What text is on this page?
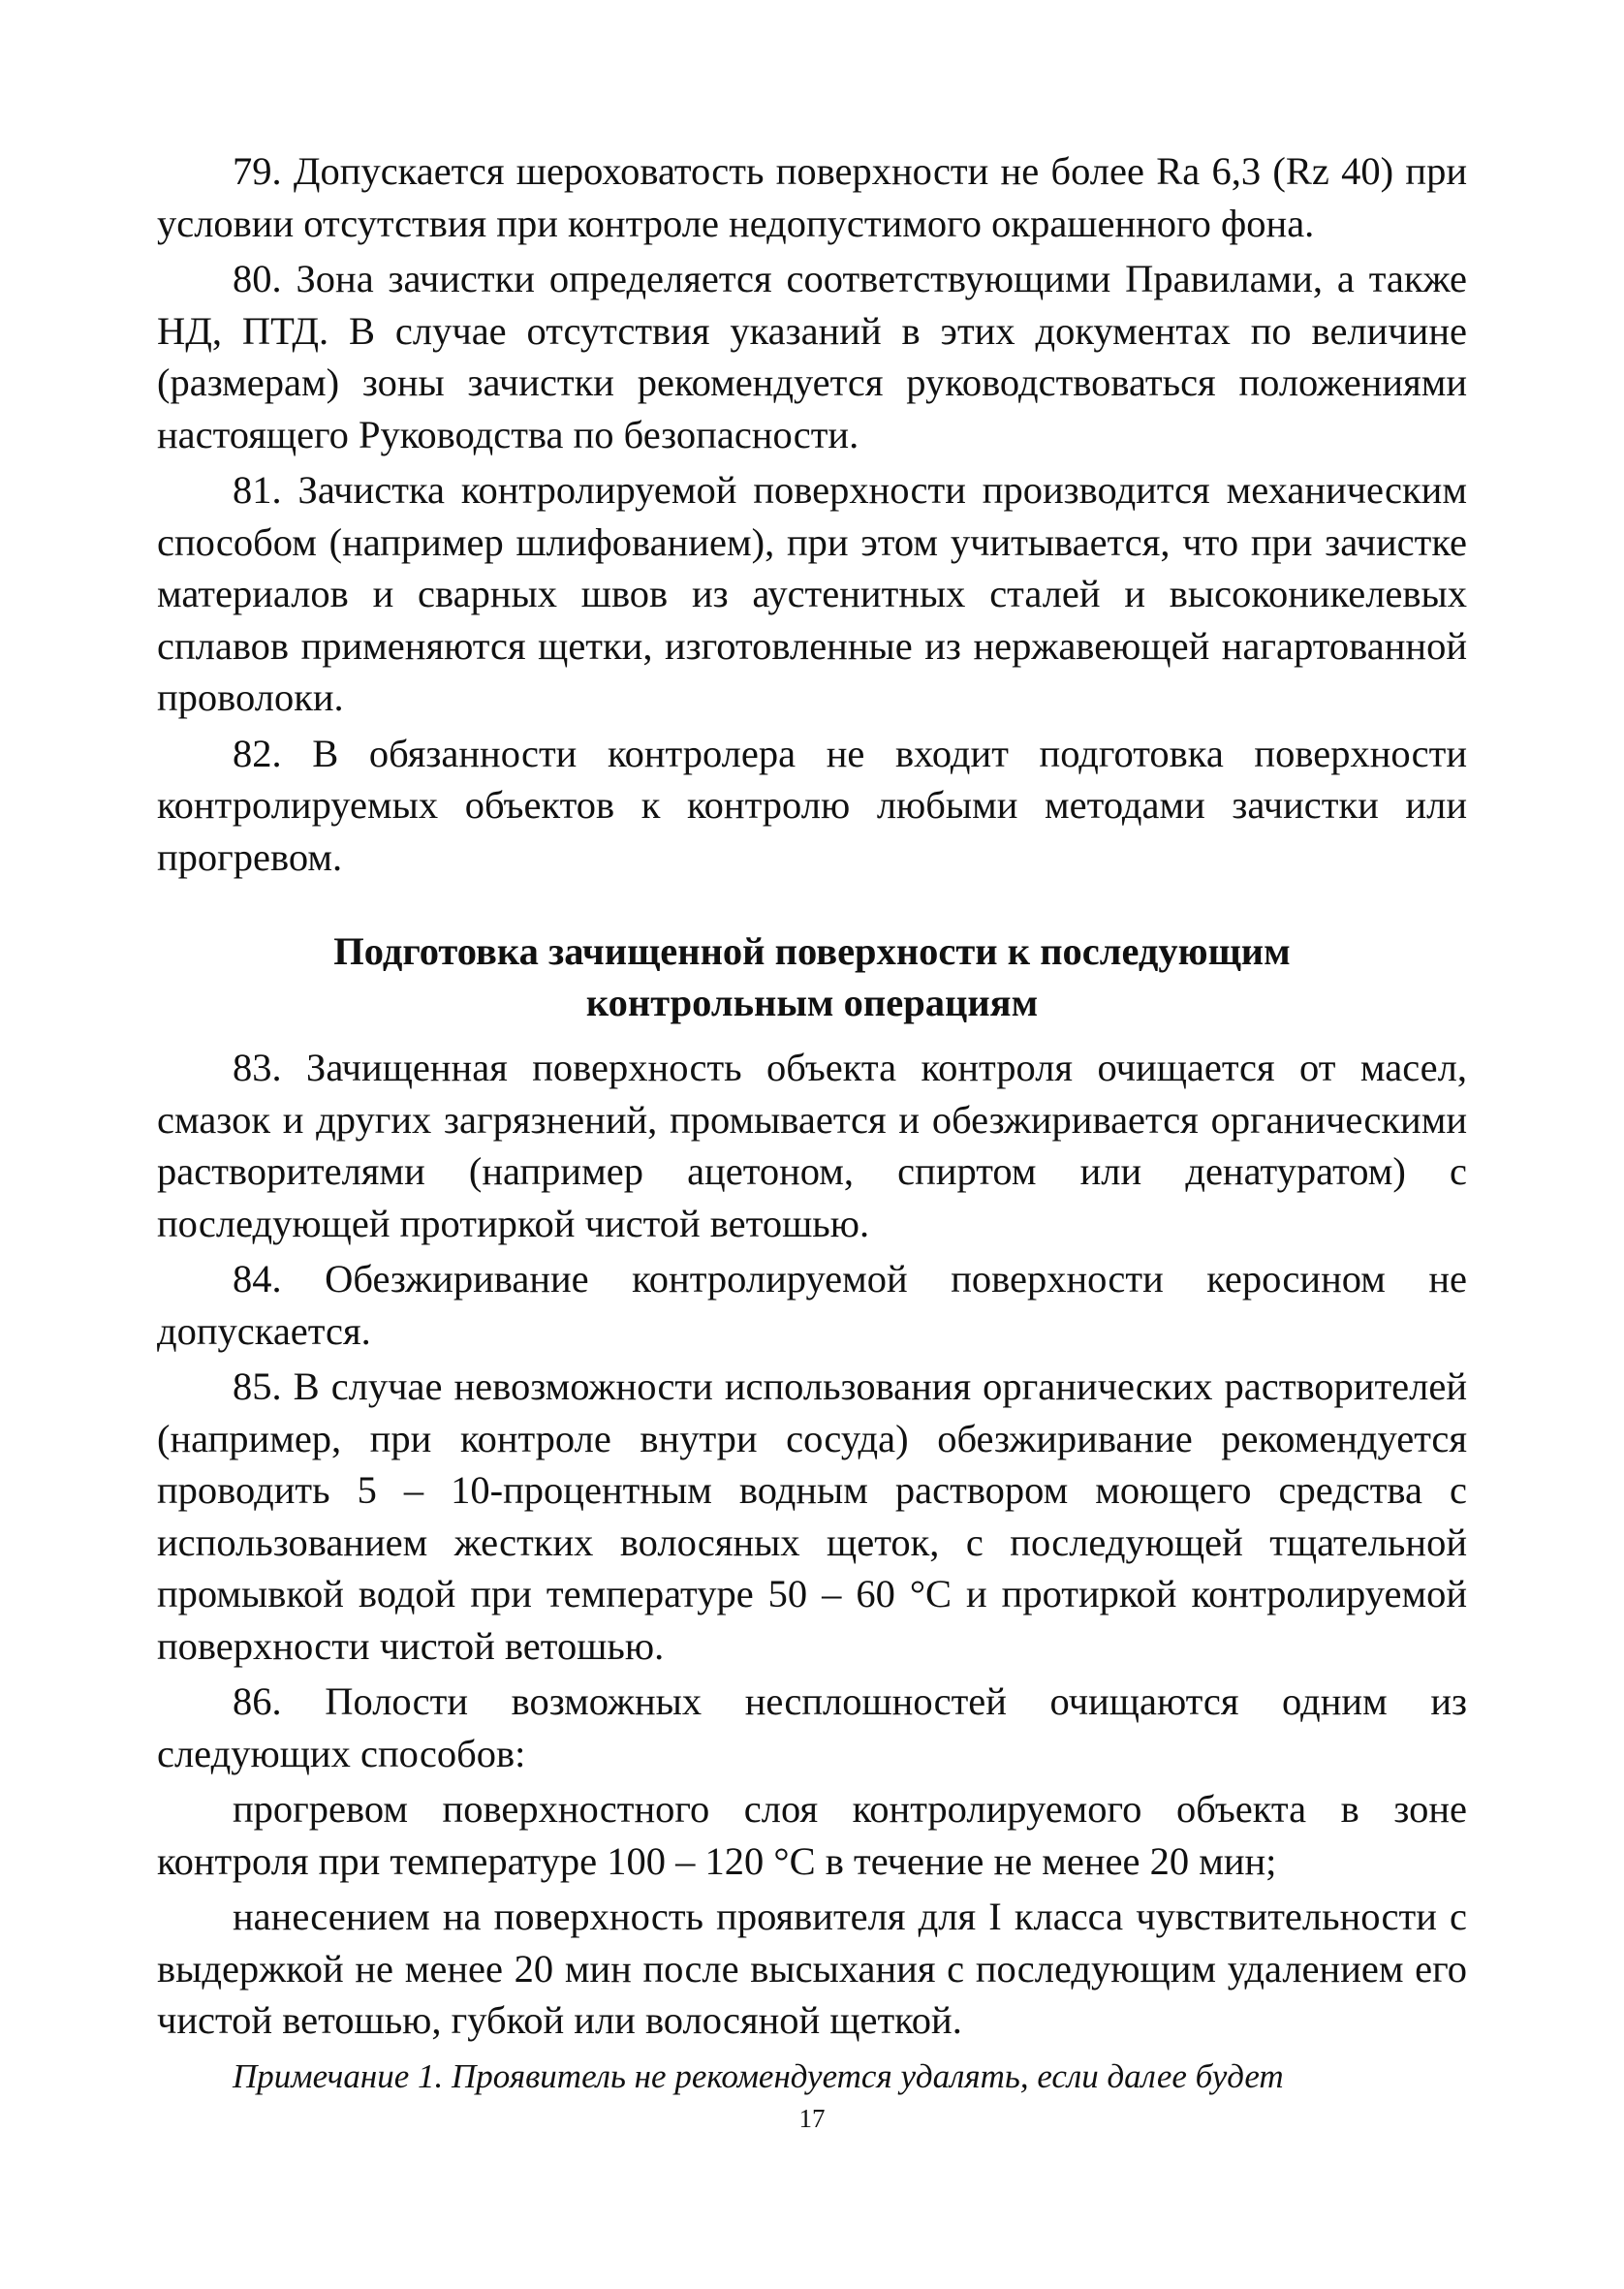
79. Допускается шероховатость поверхности не более Ra 6,3 (Rz 40) при условии отсутствия при контроле недопустимого окрашенного фона.

80. Зона зачистки определяется соответствующими Правилами, а также НД, ПТД. В случае отсутствия указаний в этих документах по величине (размерам) зоны зачистки рекомендуется руководствоваться положениями настоящего Руководства по безопасности.

81. Зачистка контролируемой поверхности производится механическим способом (например шлифованием), при этом учитывается, что при зачистке материалов и сварных швов из аустенитных сталей и высоконикелевых сплавов применяются щетки, изготовленные из нержавеющей нагартованной проволоки.

82. В обязанности контролера не входит подготовка поверхности контролируемых объектов к контролю любыми методами зачистки или прогревом.

Подготовка зачищенной поверхности к последующим
контрольным операциям

83. Зачищенная поверхность объекта контроля очищается от масел, смазок и других загрязнений, промывается и обезжиривается органическими растворителями (например ацетоном, спиртом или денатуратом) с последующей протиркой чистой ветошью.

84. Обезжиривание контролируемой поверхности керосином не допускается.

85. В случае невозможности использования органических растворителей (например, при контроле внутри сосуда) обезжиривание рекомендуется проводить 5 – 10-процентным водным раствором моющего средства с использованием жестких волосяных щеток, с последующей тщательной промывкой водой при температуре 50 – 60 °С и протиркой контролируемой поверхности чистой ветошью.

86. Полости возможных несплошностей очищаются одним из следующих способов:

прогревом поверхностного слоя контролируемого объекта в зоне контроля при температуре 100 – 120 °С в течение не менее 20 мин;

нанесением на поверхность проявителя для I класса чувствительности с выдержкой не менее 20 мин после высыхания с последующим удалением его чистой ветошью, губкой или волосяной щеткой.

Примечание 1. Проявитель не рекомендуется удалять, если далее будет

17
